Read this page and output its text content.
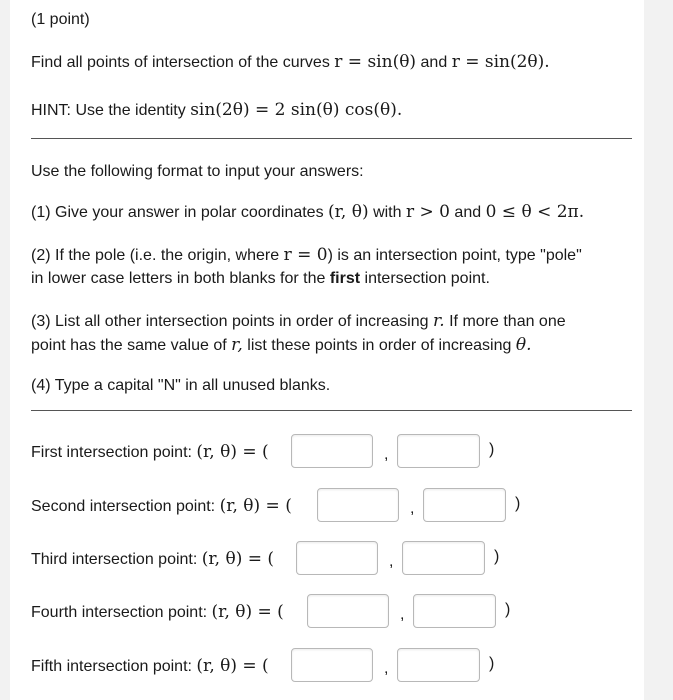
(1 point)
Find all points of intersection of the curves r = sin(θ) and r = sin(2θ).
HINT: Use the identity sin(2θ) = 2 sin(θ) cos(θ).
Use the following format to input your answers:
(1) Give your answer in polar coordinates (r, θ) with r > 0 and 0 ≤ θ < 2π.
(2) If the pole (i.e. the origin, where r = 0) is an intersection point, type "pole"
in lower case letters in both blanks for the first intersection point.
(3) List all other intersection points in order of increasing r. If more than one
point has the same value of r, list these points in order of increasing θ.
(4) Type a capital "N" in all unused blanks.
First intersection point: (r, θ) = (	,	)
Second intersection point: (r, θ) = (	,	)
Third intersection point: (r, θ) = (	,	)
Fourth intersection point: (r, θ) = (	,	)
Fifth intersection point: (r, θ) = (	,	)
